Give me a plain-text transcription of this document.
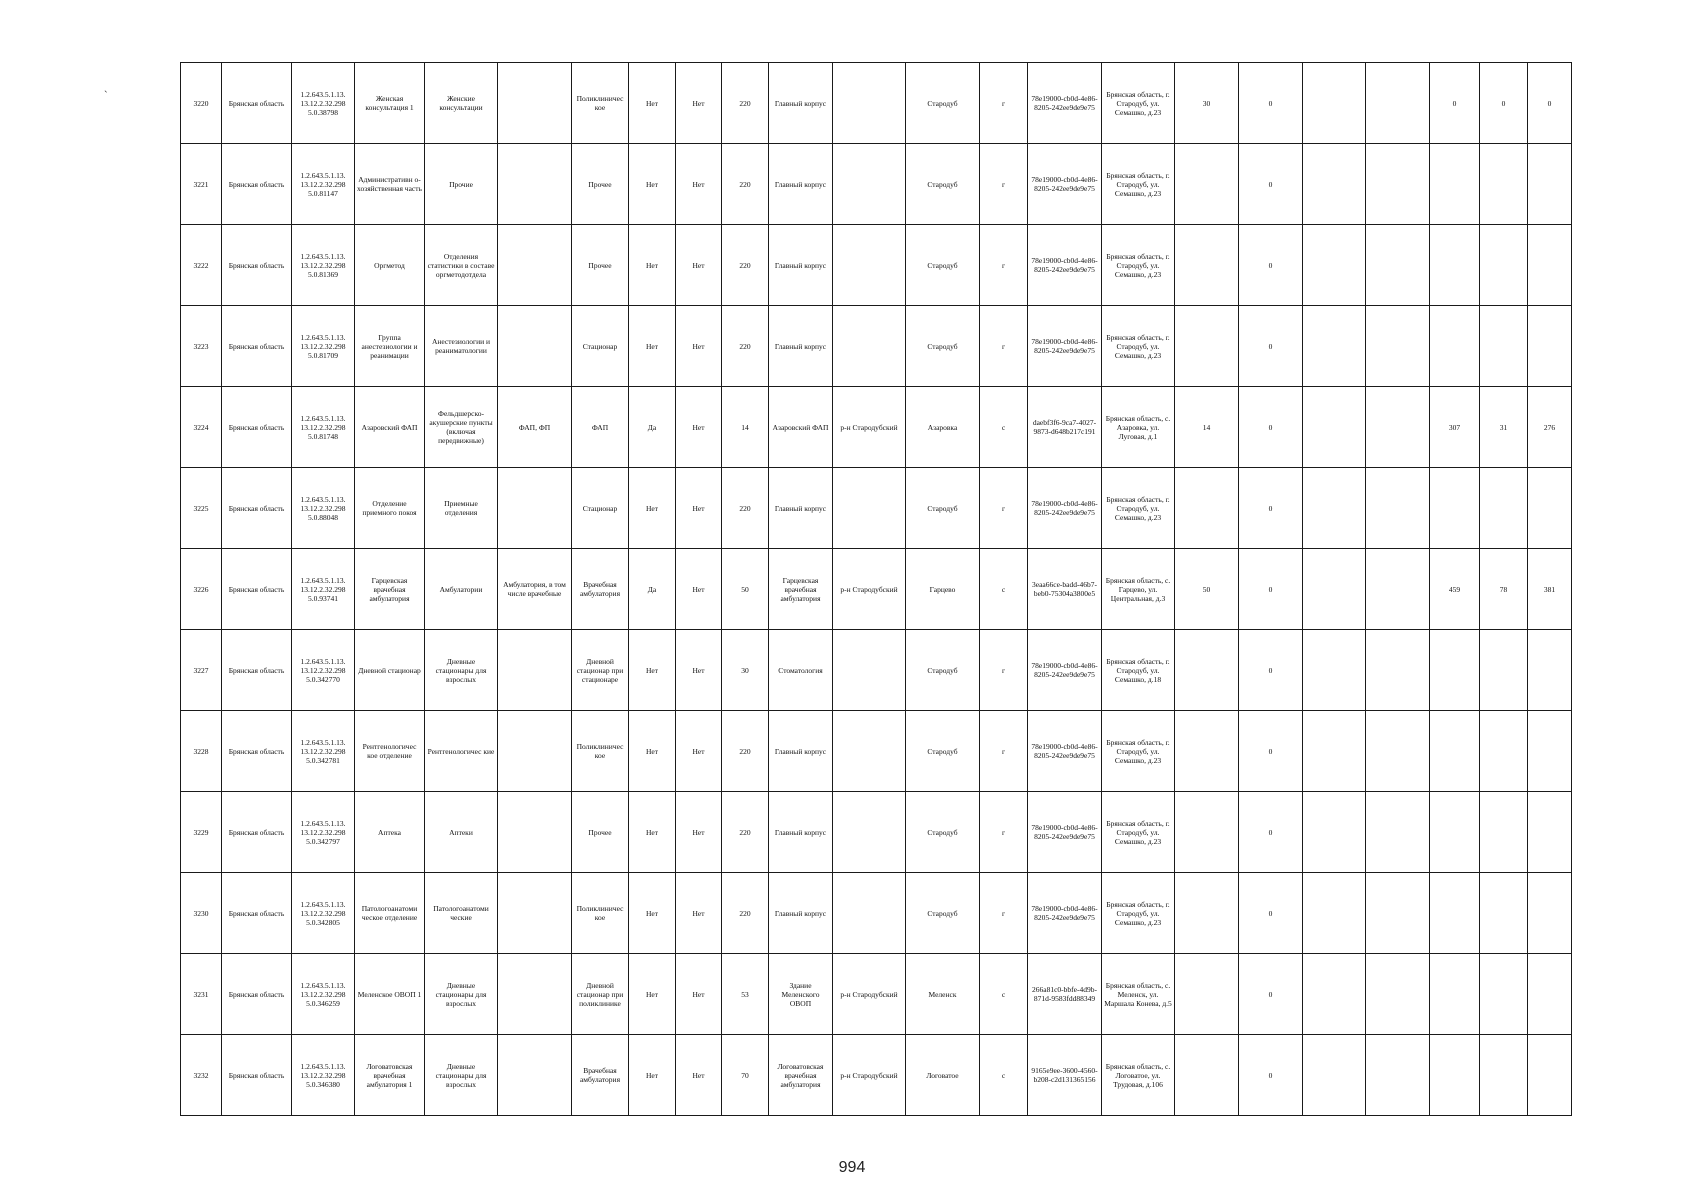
`
3220	Брянская область	1.2.643.5.1.13. 13.12.2.32.298 5.0.38798	Женская консультация 1	Женские консультации		Поликлиничес кое	Нет	Нет	220	Главный корпус		Стародуб	г	78e19000-cb0d-4e86-8205-242ee9de9e75	Брянская область, г. Стародуб, ул. Семашко, д.23	30	0			0	0	0
3221	Брянская область	1.2.643.5.1.13. 13.12.2.32.298 5.0.81147	Административн о-хозяйственная часть	Прочие		Прочее	Нет	Нет	220	Главный корпус		Стародуб	г	78e19000-cb0d-4e86-8205-242ee9de9e75	Брянская область, г. Стародуб, ул. Семашко, д.23		0					
3222	Брянская область	1.2.643.5.1.13. 13.12.2.32.298 5.0.81369	Оргметод	Отделения статистики в составе оргметодотдела		Прочее	Нет	Нет	220	Главный корпус		Стародуб	г	78e19000-cb0d-4e86-8205-242ee9de9e75	Брянская область, г. Стародуб, ул. Семашко, д.23		0					
3223	Брянская область	1.2.643.5.1.13. 13.12.2.32.298 5.0.81709	Группа анестезиологии и реанимации	Анестезиологии и реаниматологии		Стационар	Нет	Нет	220	Главный корпус		Стародуб	г	78e19000-cb0d-4e86-8205-242ee9de9e75	Брянская область, г. Стародуб, ул. Семашко, д.23		0					
3224	Брянская область	1.2.643.5.1.13. 13.12.2.32.298 5.0.81748	Азаровский ФАП	Фельдшерско-акушерские пункты (включая передвижные)	ФАП, ФП	ФАП	Да	Нет	14	Азаровский ФАП	р-н Стародубский	Азаровка	с	daebf3f6-9ca7-4027-9873-d648b217c191	Брянская область, с. Азаровка, ул. Луговая, д.1	14	0			307	31	276
3225	Брянская область	1.2.643.5.1.13. 13.12.2.32.298 5.0.88048	Отделение приемного покоя	Приемные отделения		Стационар	Нет	Нет	220	Главный корпус		Стародуб	г	78e19000-cb0d-4e86-8205-242ee9de9e75	Брянская область, г. Стародуб, ул. Семашко, д.23		0					
3226	Брянская область	1.2.643.5.1.13. 13.12.2.32.298 5.0.93741	Гарцевская врачебная амбулатория	Амбулатории	Амбулатория, в том числе врачебные	Врачебная амбулатория	Да	Нет	50	Гарцевская врачебная амбулатория	р-н Стародубский	Гарцево	с	3eaa66ce-badd-46b7-beb0-75304a3800e5	Брянская область, с. Гарцево, ул. Центральная, д.3	50	0			459	78	381
3227	Брянская область	1.2.643.5.1.13. 13.12.2.32.298 5.0.342770	Дневной стационар	Дневные стационары для взрослых		Дневной стационар при стационаре	Нет	Нет	30	Стоматология		Стародуб	г	78e19000-cb0d-4e86-8205-242ee9de9e75	Брянская область, г. Стародуб, ул. Семашко, д.18		0					
3228	Брянская область	1.2.643.5.1.13. 13.12.2.32.298 5.0.342781	Рентгенологичес кое отделение	Рентгенологичес кие		Поликлиничес кое	Нет	Нет	220	Главный корпус		Стародуб	г	78e19000-cb0d-4e86-8205-242ee9de9e75	Брянская область, г. Стародуб, ул. Семашко, д.23		0					
3229	Брянская область	1.2.643.5.1.13. 13.12.2.32.298 5.0.342797	Аптека	Аптеки		Прочее	Нет	Нет	220	Главный корпус		Стародуб	г	78e19000-cb0d-4e86-8205-242ee9de9e75	Брянская область, г. Стародуб, ул. Семашко, д.23		0					
3230	Брянская область	1.2.643.5.1.13. 13.12.2.32.298 5.0.342805	Патологоанатоми ческое отделение	Патологоанатоми ческие		Поликлиничес кое	Нет	Нет	220	Главный корпус		Стародуб	г	78e19000-cb0d-4e86-8205-242ee9de9e75	Брянская область, г. Стародуб, ул. Семашко, д.23		0					
3231	Брянская область	1.2.643.5.1.13. 13.12.2.32.298 5.0.346259	Меленское ОВОП 1	Дневные стационары для взрослых		Дневной стационар при поликлинике	Нет	Нет	53	Здание Меленского ОВОП	р-н Стародубский	Меленск	с	266a81c0-bbfe-4d9b-871d-9583fdd88349	Брянская область, с. Меленск, ул. Маршала Конева, д.5		0					
3232	Брянская область	1.2.643.5.1.13. 13.12.2.32.298 5.0.346380	Логоватовская врачебная амбулатория 1	Дневные стационары для взрослых		Врачебная амбулатория	Нет	Нет	70	Логоватовская врачебная амбулатория	р-н Стародубский	Логоватое	с	9165e9ee-3600-4560-b208-c2d131365156	Брянская область, с. Логоватое, ул. Трудовая, д.106		0					
994
